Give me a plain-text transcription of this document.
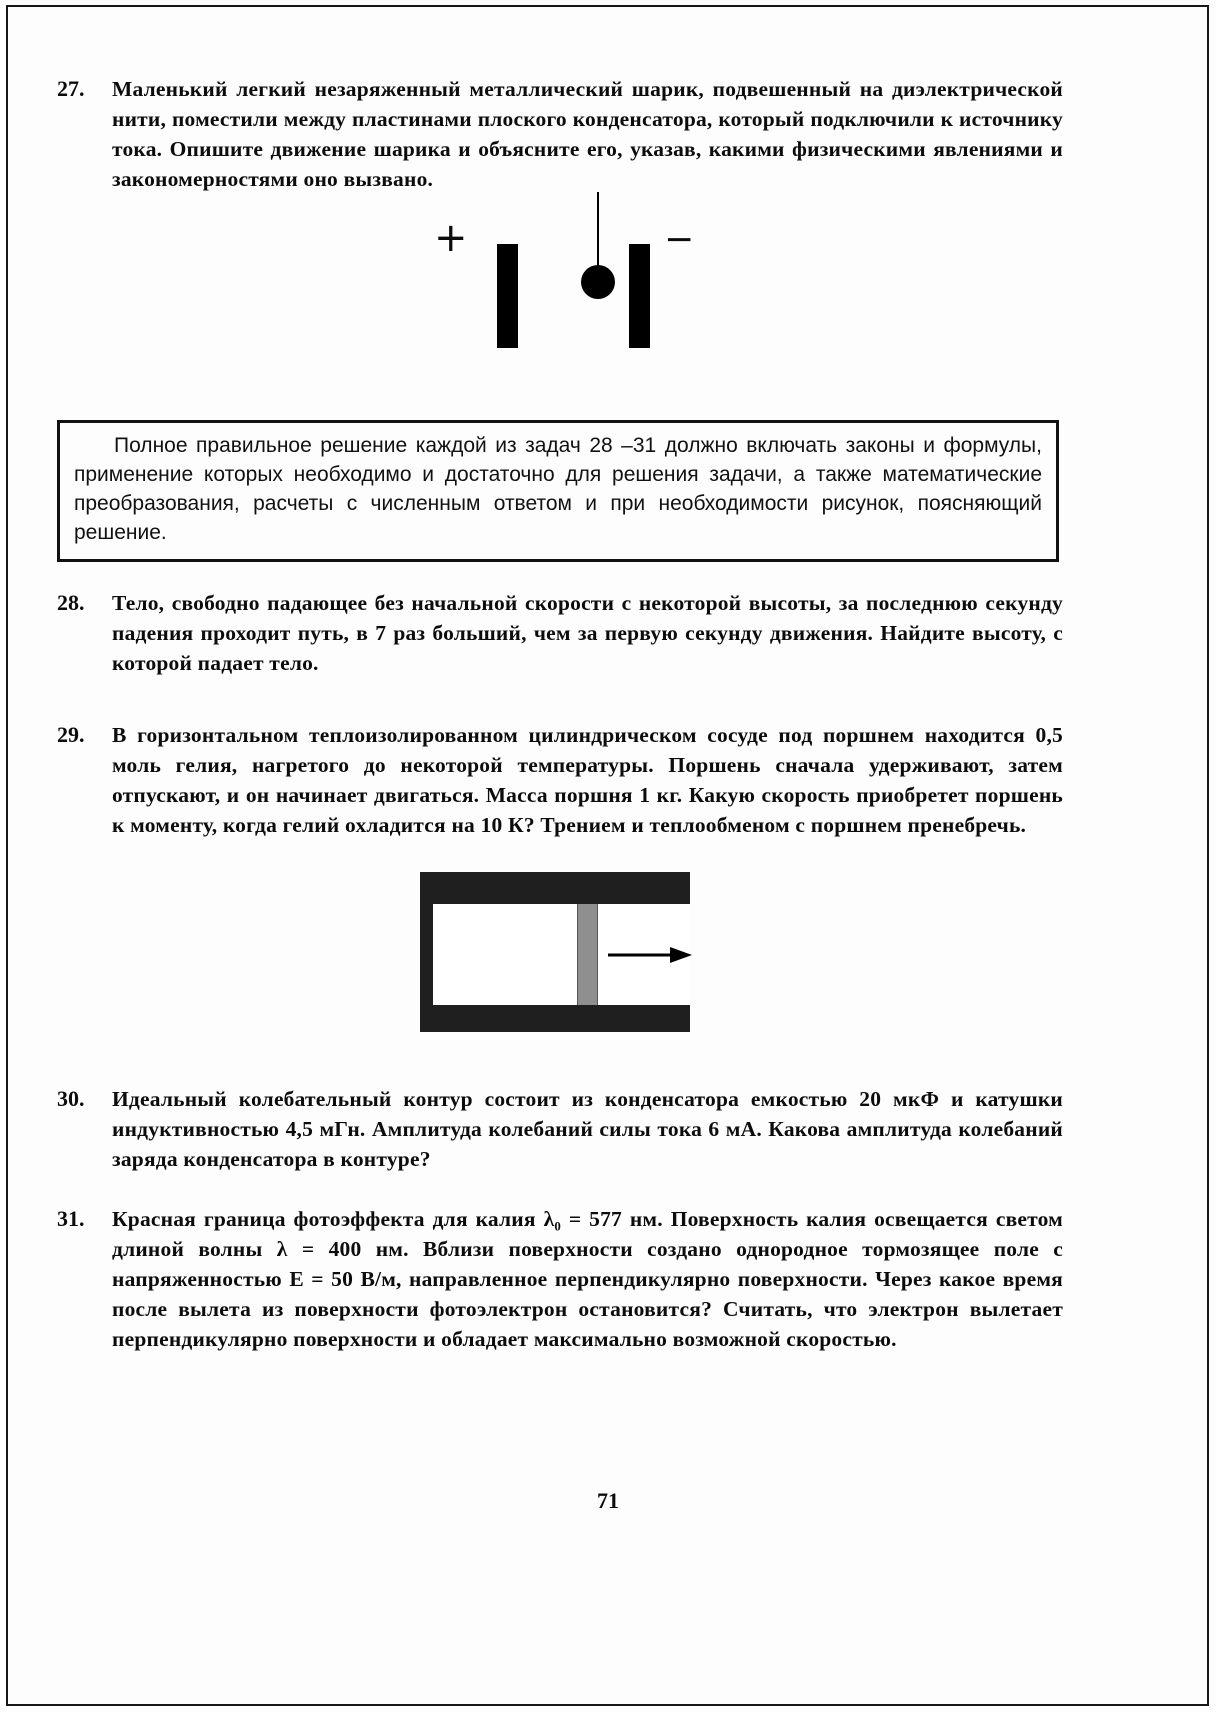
27.	Маленький легкий незаряженный металлический шарик, подвешенный на диэлектрической нити, поместили между пластинами плоского конденсатора, который подключили к источнику тока. Опишите движение шарика и объясните его, указав, какими физическими явлениями и закономерностями оно вызвано.

+	−

Полное правильное решение каждой из задач 28 –31 должно включать законы и формулы, применение которых необходимо и достаточно для решения задачи, а также математические преобразования, расчеты с численным ответом и при необходимости рисунок, поясняющий решение.

28.	Тело, свободно падающее без начальной скорости с некоторой высоты, за последнюю секунду падения проходит путь, в 7 раз больший, чем за первую секунду движения. Найдите высоту, с которой падает тело.

29.	В горизонтальном теплоизолированном цилиндрическом сосуде под поршнем находится 0,5 моль гелия, нагретого до некоторой температуры. Поршень сначала удерживают, затем отпускают, и он начинает двигаться. Масса поршня 1 кг. Какую скорость приобретет поршень к моменту, когда гелий охладится на 10 К? Трением и теплообменом с поршнем пренебречь.

30.	Идеальный колебательный контур состоит из конденсатора емкостью 20 мкФ и катушки индуктивностью 4,5 мГн. Амплитуда колебаний силы тока 6 мА. Какова амплитуда колебаний заряда конденсатора в контуре?

31.	Красная граница фотоэффекта для калия λ₀ = 577 нм. Поверхность калия освещается светом длиной волны λ = 400 нм. Вблизи поверхности создано однородное тормозящее поле с напряженностью E = 50 В/м, направленное перпендикулярно поверхности. Через какое время после вылета из поверхности фотоэлектрон остановится? Считать, что электрон вылетает перпендикулярно поверхности и обладает максимально возможной скоростью.

71
